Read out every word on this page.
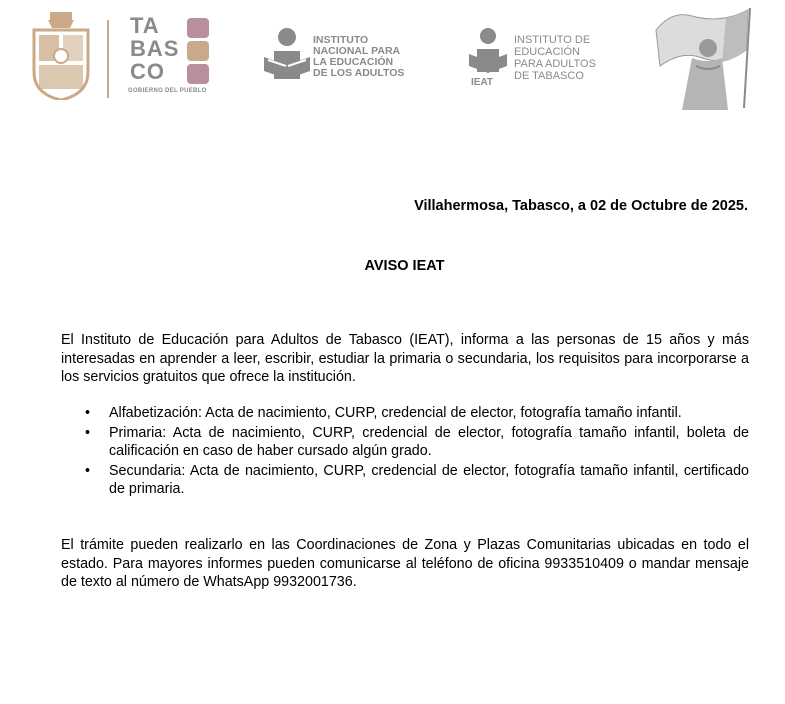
TA
BAS
CO
GOBIERNO DEL PUEBLO
INSTITUTO
NACIONAL PARA
LA EDUCACIÓN
DE LOS ADULTOS
IEAT
INSTITUTO DE
EDUCACIÓN
PARA ADULTOS
DE TABASCO
Villahermosa, Tabasco, a 02 de Octubre de 2025.
AVISO IEAT
El Instituto de Educación para Adultos de Tabasco (IEAT), informa a las personas de 15 años y más interesadas en aprender a leer, escribir, estudiar la primaria o secundaria, los requisitos para incorporarse a los servicios gratuitos que ofrece la institución.
• Alfabetización: Acta de nacimiento, CURP, credencial de elector, fotografía tamaño infantil.
• Primaria: Acta de nacimiento, CURP, credencial de elector, fotografía tamaño infantil, boleta de calificación en caso de haber cursado algún grado.
• Secundaria: Acta de nacimiento, CURP, credencial de elector, fotografía tamaño infantil, certificado de primaria.
El trámite pueden realizarlo en las Coordinaciones de Zona y Plazas Comunitarias ubicadas en todo el estado. Para mayores informes pueden comunicarse al teléfono de oficina 9933510409 o mandar mensaje de texto al número de WhatsApp 9932001736.
